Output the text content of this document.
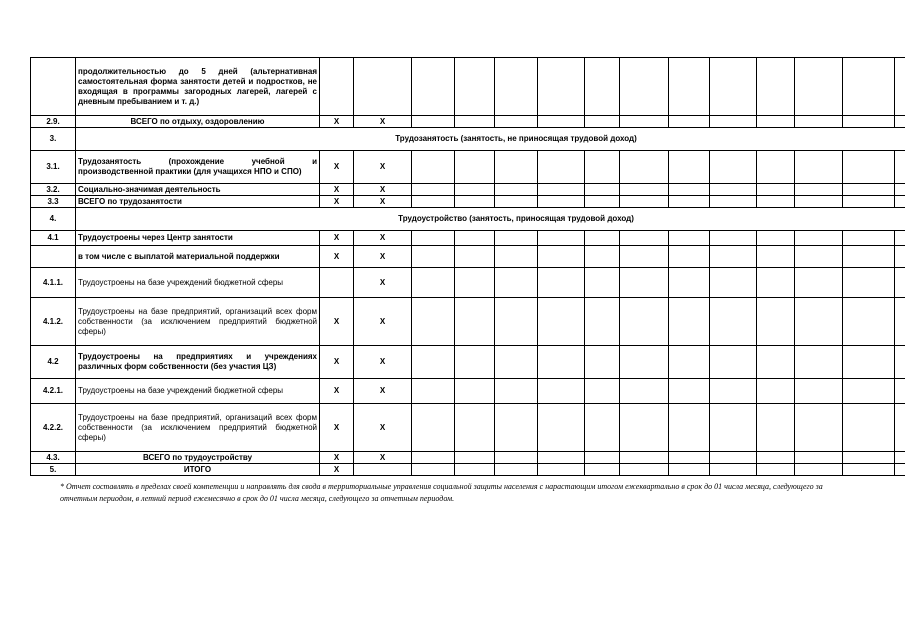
	продолжительностью до 5 дней (альтернативная самостоятельная форма занятости детей и подростков, не входящая в программы загородных лагерей, лагерей с дневным пребыванием и т. д.)														
2.9.	ВСЕГО по отдыху, оздоровлению	X	X												
3.	Трудозанятость (занятость, не приносящая трудовой доход)														
3.1.	Трудозанятость (прохождение учебной и производственной практики (для учащихся НПО и СПО)	X	X												
3.2.	Социально-значимая деятельность	X	X												
3.3	ВСЕГО по трудозанятости	X	X												
4.	Трудоустройство (занятость, приносящая трудовой доход)														
4.1	Трудоустроены через Центр занятости	X	X												
	в том числе с выплатой материальной поддержки	X	X												
4.1.1.	Трудоустроены на базе учреждений бюджетной сферы		X												
4.1.2.	Трудоустроены на базе предприятий, организаций всех форм собственности (за исключением предприятий бюджетной сферы)	X	X												
4.2	Трудоустроены на предприятиях и учреждениях различных форм собственности (без участия ЦЗ)	X	X												
4.2.1.	Трудоустроены на базе учреждений бюджетной сферы	X	X												
4.2.2.	Трудоустроены на базе предприятий, организаций всех форм собственности (за исключением предприятий бюджетной сферы)	X	X												
4.3.	ВСЕГО по трудоустройству	X	X												
5.	ИТОГО	X													
* Отчет составлять в пределах своей компетенции и направлять для свода в территориальные управления социальной защиты населения с нарастающим итогом ежеквартально в срок до 01 числа месяца, следующего за отчетным периодом, в летний период ежемесячно в срок до 01 числа месяца, следующего за отчетным периодом.
